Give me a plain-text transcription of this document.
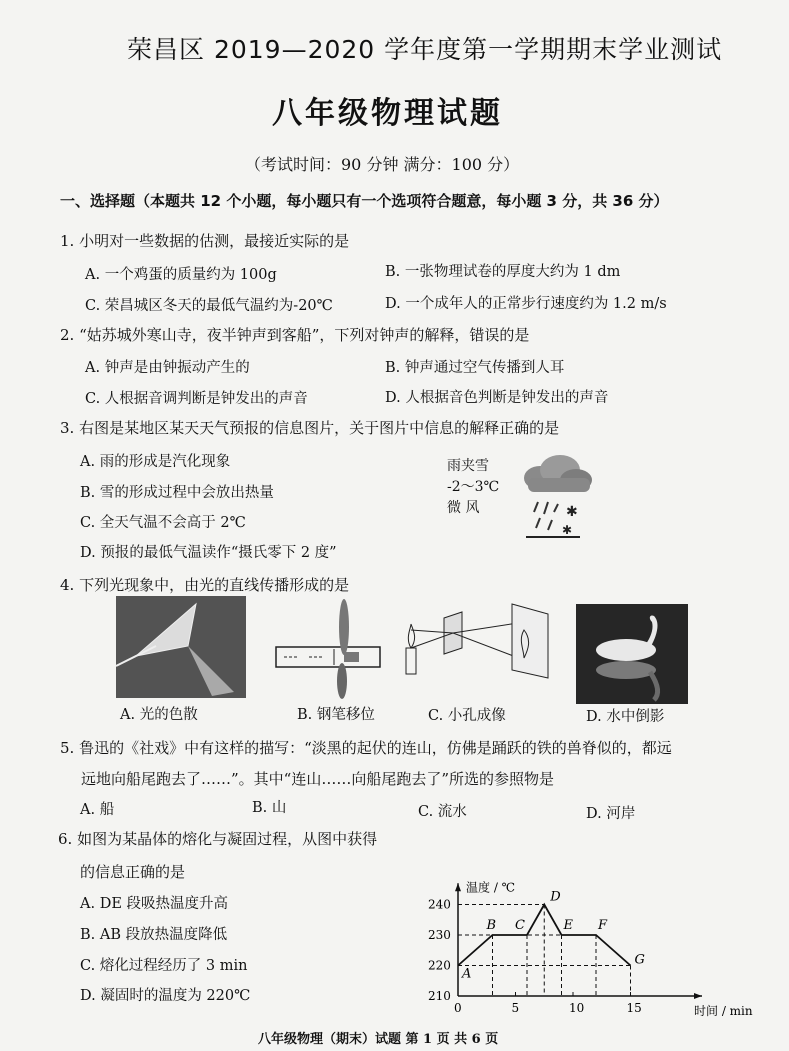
荣昌区 2019—2020 学年度第一学期期末学业测试
八年级物理试题
（考试时间：90 分钟 满分：100 分）
一、选择题（本题共 12 个小题，每小题只有一个选项符合题意，每小题 3 分，共 36 分）
1. 小明对一些数据的估测，最接近实际的是
A. 一个鸡蛋的质量约为 100g	B. 一张物理试卷的厚度大约为 1 dm
C. 荣昌城区冬天的最低气温约为-20℃	D. 一个成年人的正常步行速度约为 1.2 m/s
2. “姑苏城外寒山寺，夜半钟声到客船”，下列对钟声的解释，错误的是
A. 钟声是由钟振动产生的	B. 钟声通过空气传播到人耳
C. 人根据音调判断是钟发出的声音	D. 人根据音色判断是钟发出的声音
3. 右图是某地区某天天气预报的信息图片，关于图片中信息的解释正确的是
A. 雨的形成是汽化现象
B. 雪的形成过程中会放出热量
C. 全天气温不会高于 2℃
D. 预报的最低气温读作“摄氏零下 2 度”
雨夹雪
-2～3℃
微 风	✱
✱
4. 下列光现象中，由光的直线传播形成的是
A. 光的色散	B. 钢笔移位	C. 小孔成像	D. 水中倒影
5. 鲁迅的《社戏》中有这样的描写：“淡黑的起伏的连山，仿佛是踊跃的铁的兽脊似的，都远
远地向船尾跑去了……”。其中“连山……向船尾跑去了”所选的参照物是
A. 船	B. 山	C. 流水	D. 河岸
6. 如图为某晶体的熔化与凝固过程，从图中获得
的信息正确的是
A. DE 段吸热温度升高
B. AB 段放热温度降低
C. 熔化过程经历了 3 min
D. 凝固时的温度为 220℃
温度 / ℃
时间 / min
0	5	10	15
210
220
230
240
A
B C
D
E F
G
八年级物理（期末）试题 第 1 页 共 6 页
